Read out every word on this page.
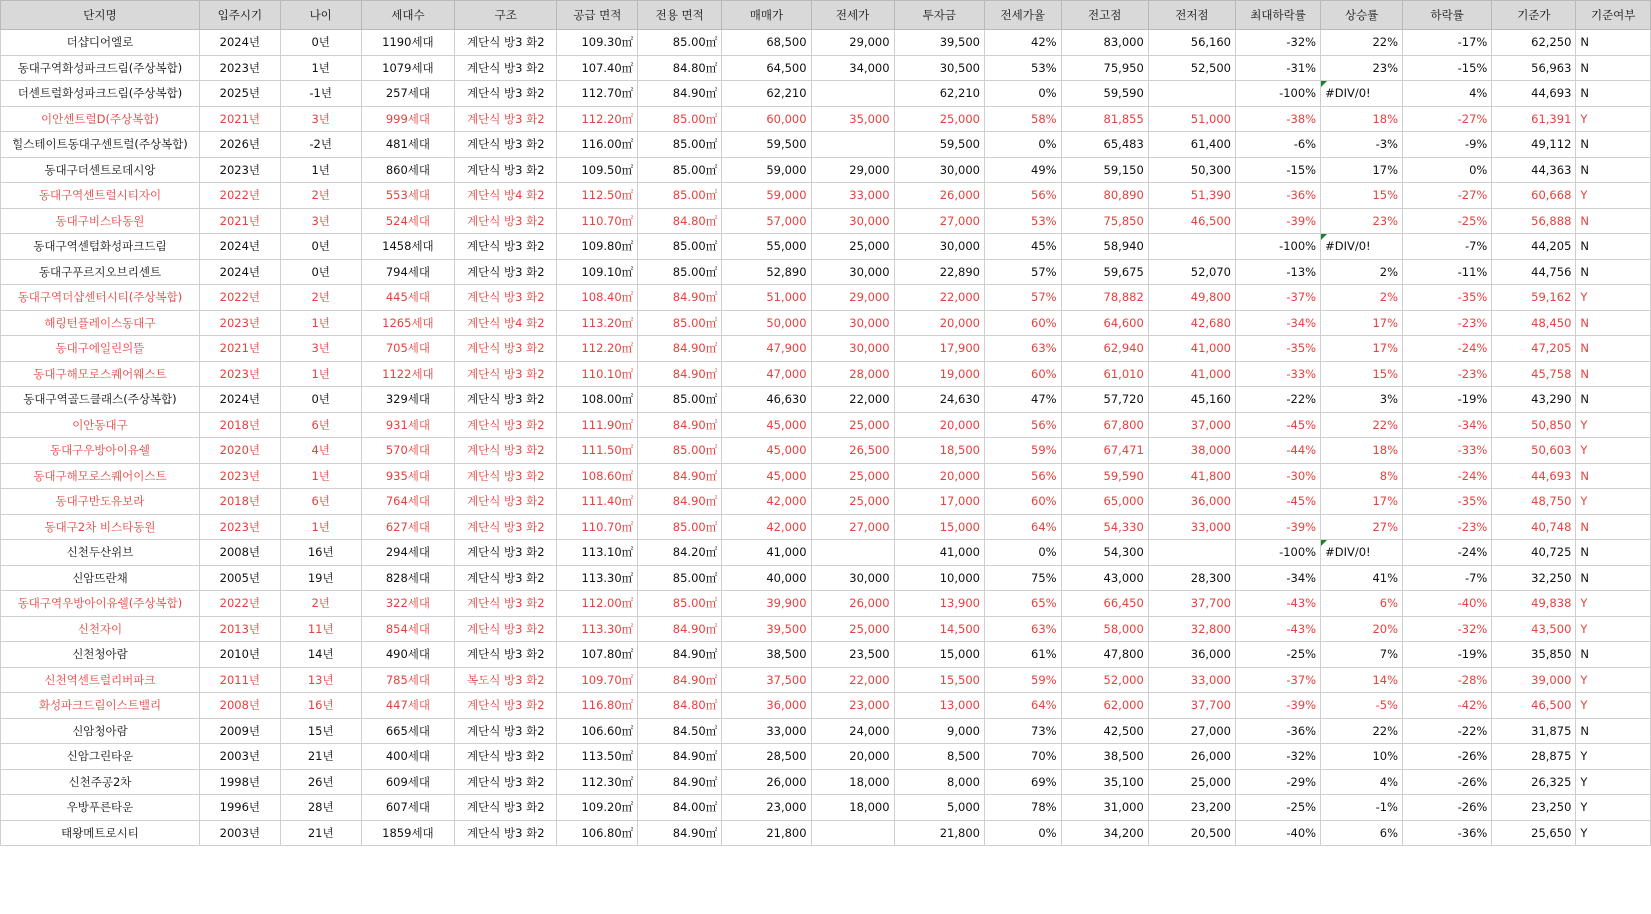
단지명	입주시기	나이	세대수	구조	공급 면적	전용 면적	매매가	전세가	투자금	전세가율	전고점	전저점	최대하락률	상승률	하락률	기준가	기준여부
더샵디어엘로	2024년	0년	1190세대	계단식 방3 화2	109.30㎡	85.00㎡	68,500	29,000	39,500	42%	83,000	56,160	-32%	22%	-17%	62,250	N
동대구역화성파크드림(주상복합)	2023년	1년	1079세대	계단식 방3 화2	107.40㎡	84.80㎡	64,500	34,000	30,500	53%	75,950	52,500	-31%	23%	-15%	56,963	N
더센트럴화성파크드림(주상복합)	2025년	-1년	257세대	계단식 방3 화2	112.70㎡	84.90㎡	62,210		62,210	0%	59,590		-100%	#DIV/0!	4%	44,693	N
이안센트럴D(주상복합)	2021년	3년	999세대	계단식 방3 화2	112.20㎡	85.00㎡	60,000	35,000	25,000	58%	81,855	51,000	-38%	18%	-27%	61,391	Y
힐스테이트동대구센트럴(주상복합)	2026년	-2년	481세대	계단식 방3 화2	116.00㎡	85.00㎡	59,500		59,500	0%	65,483	61,400	-6%	-3%	-9%	49,112	N
동대구더센트로데시앙	2023년	1년	860세대	계단식 방3 화2	109.50㎡	85.00㎡	59,000	29,000	30,000	49%	59,150	50,300	-15%	17%	0%	44,363	N
동대구역센트럴시티자이	2022년	2년	553세대	계단식 방4 화2	112.50㎡	85.00㎡	59,000	33,000	26,000	56%	80,890	51,390	-36%	15%	-27%	60,668	Y
동대구비스타동원	2021년	3년	524세대	계단식 방3 화2	110.70㎡	84.80㎡	57,000	30,000	27,000	53%	75,850	46,500	-39%	23%	-25%	56,888	N
동대구역센텀화성파크드림	2024년	0년	1458세대	계단식 방3 화2	109.80㎡	85.00㎡	55,000	25,000	30,000	45%	58,940		-100%	#DIV/0!	-7%	44,205	N
동대구푸르지오브리센트	2024년	0년	794세대	계단식 방3 화2	109.10㎡	85.00㎡	52,890	30,000	22,890	57%	59,675	52,070	-13%	2%	-11%	44,756	N
동대구역더샵센터시티(주상복합)	2022년	2년	445세대	계단식 방3 화2	108.40㎡	84.90㎡	51,000	29,000	22,000	57%	78,882	49,800	-37%	2%	-35%	59,162	Y
해링턴플레이스동대구	2023년	1년	1265세대	계단식 방4 화2	113.20㎡	85.00㎡	50,000	30,000	20,000	60%	64,600	42,680	-34%	17%	-23%	48,450	N
동대구에일린의뜰	2021년	3년	705세대	계단식 방3 화2	112.20㎡	84.90㎡	47,900	30,000	17,900	63%	62,940	41,000	-35%	17%	-24%	47,205	N
동대구해모로스퀘어웨스트	2023년	1년	1122세대	계단식 방3 화2	110.10㎡	84.90㎡	47,000	28,000	19,000	60%	61,010	41,000	-33%	15%	-23%	45,758	N
동대구역골드클래스(주상복합)	2024년	0년	329세대	계단식 방3 화2	108.00㎡	85.00㎡	46,630	22,000	24,630	47%	57,720	45,160	-22%	3%	-19%	43,290	N
이안동대구	2018년	6년	931세대	계단식 방3 화2	111.90㎡	84.90㎡	45,000	25,000	20,000	56%	67,800	37,000	-45%	22%	-34%	50,850	Y
동대구우방아이유쉘	2020년	4년	570세대	계단식 방3 화2	111.50㎡	85.00㎡	45,000	26,500	18,500	59%	67,471	38,000	-44%	18%	-33%	50,603	Y
동대구해모로스퀘어이스트	2023년	1년	935세대	계단식 방3 화2	108.60㎡	84.90㎡	45,000	25,000	20,000	56%	59,590	41,800	-30%	8%	-24%	44,693	N
동대구반도유보라	2018년	6년	764세대	계단식 방3 화2	111.40㎡	84.90㎡	42,000	25,000	17,000	60%	65,000	36,000	-45%	17%	-35%	48,750	Y
동대구2차 비스타동원	2023년	1년	627세대	계단식 방3 화2	110.70㎡	85.00㎡	42,000	27,000	15,000	64%	54,330	33,000	-39%	27%	-23%	40,748	N
신천두산위브	2008년	16년	294세대	계단식 방3 화2	113.10㎡	84.20㎡	41,000		41,000	0%	54,300		-100%	#DIV/0!	-24%	40,725	N
신암뜨란채	2005년	19년	828세대	계단식 방3 화2	113.30㎡	85.00㎡	40,000	30,000	10,000	75%	43,000	28,300	-34%	41%	-7%	32,250	N
동대구역우방아이유쉘(주상복합)	2022년	2년	322세대	계단식 방3 화2	112.00㎡	85.00㎡	39,900	26,000	13,900	65%	66,450	37,700	-43%	6%	-40%	49,838	Y
신천자이	2013년	11년	854세대	계단식 방3 화2	113.30㎡	84.90㎡	39,500	25,000	14,500	63%	58,000	32,800	-43%	20%	-32%	43,500	Y
신천청아람	2010년	14년	490세대	계단식 방3 화2	107.80㎡	84.90㎡	38,500	23,500	15,000	61%	47,800	36,000	-25%	7%	-19%	35,850	N
신천역센트럴리버파크	2011년	13년	785세대	복도식 방3 화2	109.70㎡	84.90㎡	37,500	22,000	15,500	59%	52,000	33,000	-37%	14%	-28%	39,000	Y
화성파크드림이스트밸리	2008년	16년	447세대	계단식 방3 화2	116.80㎡	84.80㎡	36,000	23,000	13,000	64%	62,000	37,700	-39%	-5%	-42%	46,500	Y
신암청아람	2009년	15년	665세대	계단식 방3 화2	106.60㎡	84.50㎡	33,000	24,000	9,000	73%	42,500	27,000	-36%	22%	-22%	31,875	N
신암그린타운	2003년	21년	400세대	계단식 방3 화2	113.50㎡	84.90㎡	28,500	20,000	8,500	70%	38,500	26,000	-32%	10%	-26%	28,875	Y
신천주공2차	1998년	26년	609세대	계단식 방3 화2	112.30㎡	84.90㎡	26,000	18,000	8,000	69%	35,100	25,000	-29%	4%	-26%	26,325	Y
우방푸른타운	1996년	28년	607세대	계단식 방3 화2	109.20㎡	84.00㎡	23,000	18,000	5,000	78%	31,000	23,200	-25%	-1%	-26%	23,250	Y
태왕메트로시티	2003년	21년	1859세대	계단식 방3 화2	106.80㎡	84.90㎡	21,800		21,800	0%	34,200	20,500	-40%	6%	-36%	25,650	Y
